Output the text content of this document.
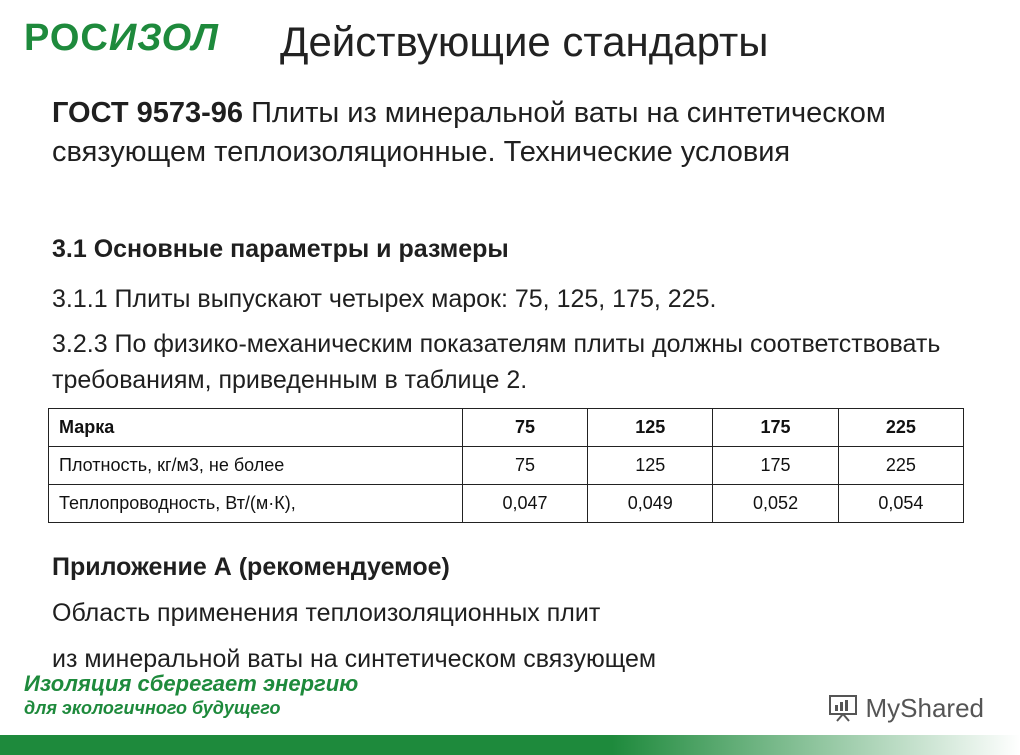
РОСИЗОЛ Действующие стандарты

ГОСТ 9573-96 Плиты из минеральной ваты на синтетическом связующем теплоизоляционные. Технические условия

3.1 Основные параметры и размеры

3.1.1 Плиты выпускают четырех марок: 75, 125, 175, 225.

3.2.3 По физико-механическим показателям плиты должны соответствовать требованиям, приведенным в таблице 2.

Марка	75	125	175	225
Плотность, кг/м3, не более	75	125	175	225
Теплопроводность, Вт/(м·К),	0,047	0,049	0,052	0,054

Приложение А (рекомендуемое)

Область применения теплоизоляционных плит

из минеральной ваты на синтетическом связующем

Изоляция сберегает энергию
для экологичного будущего	MyShared
